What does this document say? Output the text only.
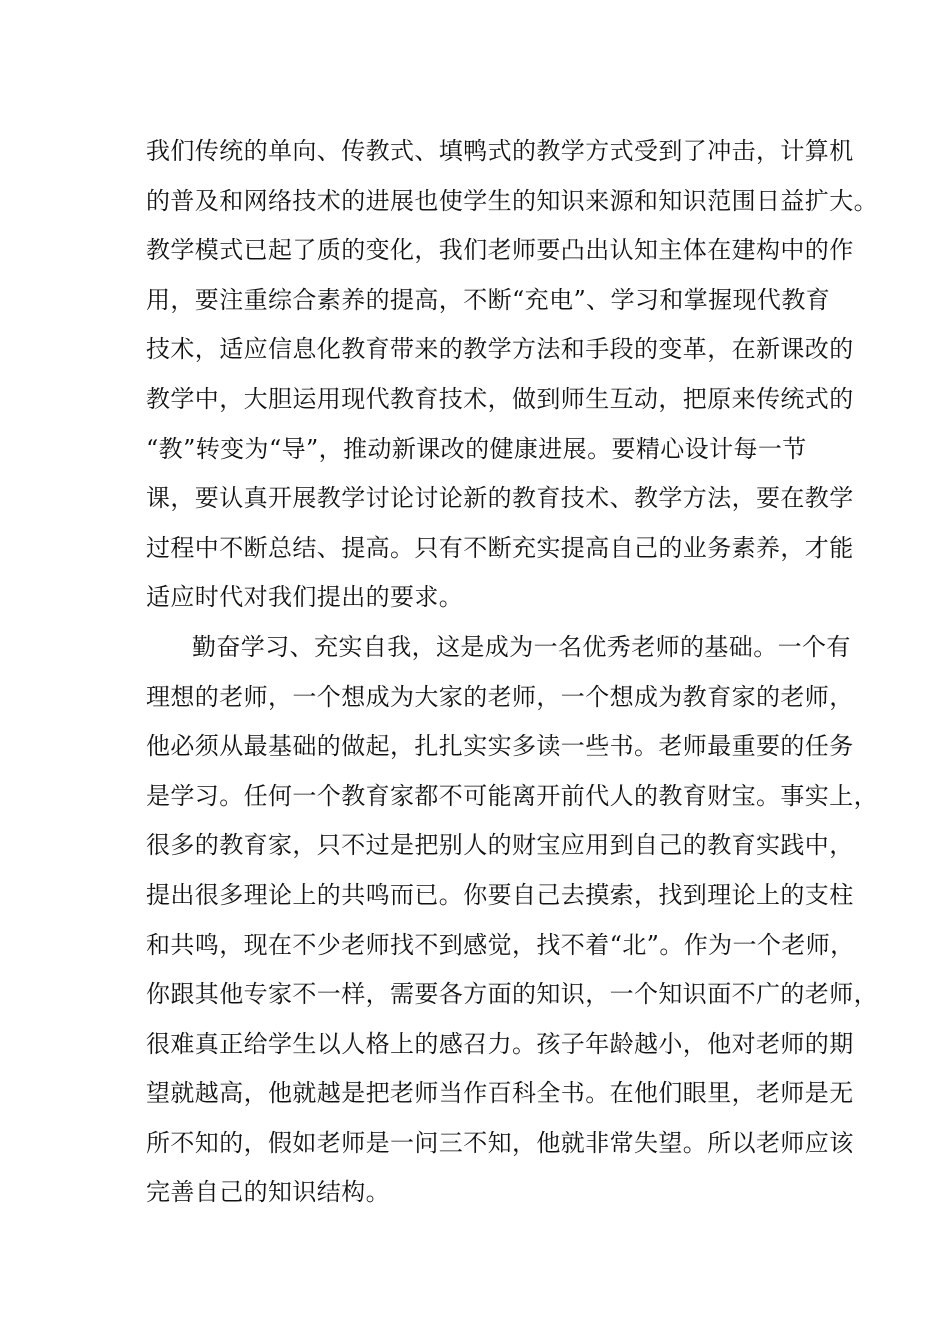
我们传统的单向、传教式、填鸭式的教学方式受到了冲击，计算机
的普及和网络技术的进展也使学生的知识来源和知识范围日益扩大。
教学模式已起了质的变化，我们老师要凸出认知主体在建构中的作
用，要注重综合素养的提高，不断“充电”、学习和掌握现代教育
技术，适应信息化教育带来的教学方法和手段的变革，在新课改的
教学中，大胆运用现代教育技术，做到师生互动，把原来传统式的
“教”转变为“导”，推动新课改的健康进展。要精心设计每一节
课，要认真开展教学讨论讨论新的教育技术、教学方法，要在教学
过程中不断总结、提高。只有不断充实提高自己的业务素养，才能
适应时代对我们提出的要求。
勤奋学习、充实自我，这是成为一名优秀老师的基础。一个有
理想的老师，一个想成为大家的老师，一个想成为教育家的老师，
他必须从最基础的做起，扎扎实实多读一些书。老师最重要的任务
是学习。任何一个教育家都不可能离开前代人的教育财宝。事实上，
很多的教育家，只不过是把别人的财宝应用到自己的教育实践中，
提出很多理论上的共鸣而已。你要自己去摸索，找到理论上的支柱
和共鸣，现在不少老师找不到感觉，找不着“北”。作为一个老师，
你跟其他专家不一样，需要各方面的知识，一个知识面不广的老师，
很难真正给学生以人格上的感召力。孩子年龄越小，他对老师的期
望就越高，他就越是把老师当作百科全书。在他们眼里，老师是无
所不知的，假如老师是一问三不知，他就非常失望。所以老师应该
完善自己的知识结构。
